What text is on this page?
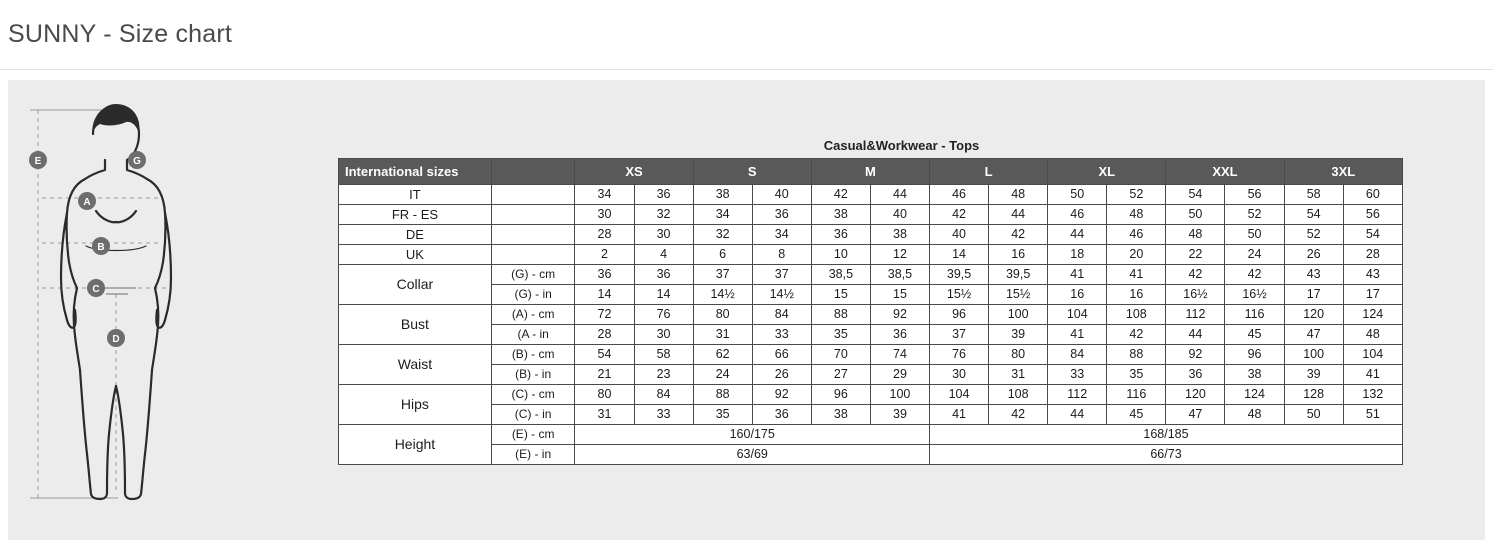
SUNNY - Size chart
E	G
A
B
C
D
Casual&Workwear - Tops
International sizes		XS		S		M		L		XL		XXL		3XL	
IT		34	36	38	40	42	44	46	48	50	52	54	56	58	60
FR - ES		30	32	34	36	38	40	42	44	46	48	50	52	54	56
DE		28	30	32	34	36	38	40	42	44	46	48	50	52	54
UK		2	4	6	8	10	12	14	16	18	20	22	24	26	28
Collar	(G) - cm	36	36	37	37	38,5	38,5	39,5	39,5	41	41	42	42	43	43
	(G) - in	14	14	14½	14½	15	15	15½	15½	16	16	16½	16½	17	17
Bust	(A) - cm	72	76	80	84	88	92	96	100	104	108	112	116	120	124
	(A - in	28	30	31	33	35	36	37	39	41	42	44	45	47	48
Waist	(B) - cm	54	58	62	66	70	74	76	80	84	88	92	96	100	104
	(B) - in	21	23	24	26	27	29	30	31	33	35	36	38	39	41
Hips	(C) - cm	80	84	88	92	96	100	104	108	112	116	120	124	128	132
	(C) - in	31	33	35	36	38	39	41	42	44	45	47	48	50	51
Height	(E) - cm	160/175						168/185							
	(E) - in	63/69						66/73							
